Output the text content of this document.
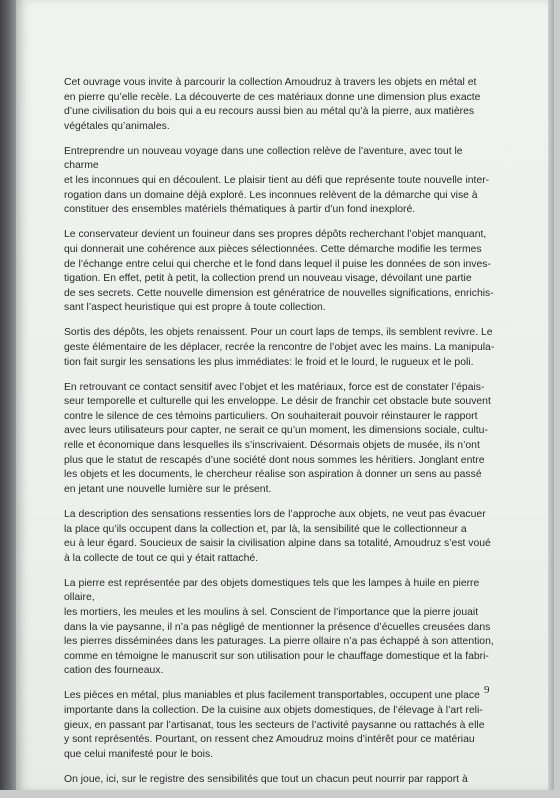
Cet ouvrage vous invite à parcourir la collection Amoudruz à travers les objets en métal et
en pierre qu’elle recèle. La découverte de ces matériaux donne une dimension plus exacte
d’une civilisation du bois qui a eu recours aussi bien au métal qu’à la pierre, aux matières
végétales qu’animales.

Entreprendre un nouveau voyage dans une collection relève de l’aventure, avec tout le charme
et les inconnues qui en découlent. Le plaisir tient au défi que représente toute nouvelle inter-
rogation dans un domaine déjà exploré. Les inconnues relèvent de la démarche qui vise à
constituer des ensembles matériels thématiques à partir d’un fond inexploré.

Le conservateur devient un fouineur dans ses propres dépôts recherchant l’objet manquant,
qui donnerait une cohérence aux pièces sélectionnées. Cette démarche modifie les termes
de l’échange entre celui qui cherche et le fond dans lequel il puise les données de son inves-
tigation. En effet, petit à petit, la collection prend un nouveau visage, dévoilant une partie
de ses secrets. Cette nouvelle dimension est génératrice de nouvelles significations, enrichis-
sant l’aspect heuristique qui est propre à toute collection.

Sortis des dépôts, les objets renaissent. Pour un court laps de temps, ils semblent revivre. Le
geste élémentaire de les déplacer, recrée la rencontre de l’objet avec les mains. La manipula-
tion fait surgir les sensations les plus immédiates: le froid et le lourd, le rugueux et le poli.

En retrouvant ce contact sensitif avec l’objet et les matériaux, force est de constater l’épais-
seur temporelle et culturelle qui les enveloppe. Le désir de franchir cet obstacle bute souvent
contre le silence de ces témoins particuliers. On souhaiterait pouvoir réinstaurer le rapport
avec leurs utilisateurs pour capter, ne serait ce qu’un moment, les dimensions sociale, cultu-
relle et économique dans lesquelles ils s’inscrivaient. Désormais objets de musée, ils n’ont
plus que le statut de rescapés d’une société dont nous sommes les héritiers. Jonglant entre
les objets et les documents, le chercheur réalise son aspiration à donner un sens au passé
en jetant une nouvelle lumière sur le présent.

La description des sensations ressenties lors de l’approche aux objets, ne veut pas évacuer
la place qu’ils occupent dans la collection et, par là, la sensibilité que le collectionneur a
eu à leur égard. Soucieux de saisir la civilisation alpine dans sa totalité, Amoudruz s’est voué
à la collecte de tout ce qui y était rattaché.

La pierre est représentée par des objets domestiques tels que les lampes à huile en pierre ollaire,
les mortiers, les meules et les moulins à sel. Conscient de l’importance que la pierre jouait
dans la vie paysanne, il n’a pas négligé de mentionner la présence d’écuelles creusées dans
les pierres disséminées dans les paturages. La pierre ollaire n’a pas échappé à son attention,
comme en témoigne le manuscrit sur son utilisation pour le chauffage domestique et la fabri-
cation des fourneaux.

Les pièces en métal, plus maniables et plus facilement transportables, occupent une place
importante dans la collection. De la cuisine aux objets domestiques, de l’élevage à l’art reli-
gieux, en passant par l’artisanat, tous les secteurs de l’activité paysanne ou rattachés à elle
y sont représentés. Pourtant, on ressent chez Amoudruz moins d’intérêt pour ce matériau
que celui manifesté pour le bois.

On joue, ici, sur le registre des sensibilités que tout un chacun peut nourrir par rapport à

9
